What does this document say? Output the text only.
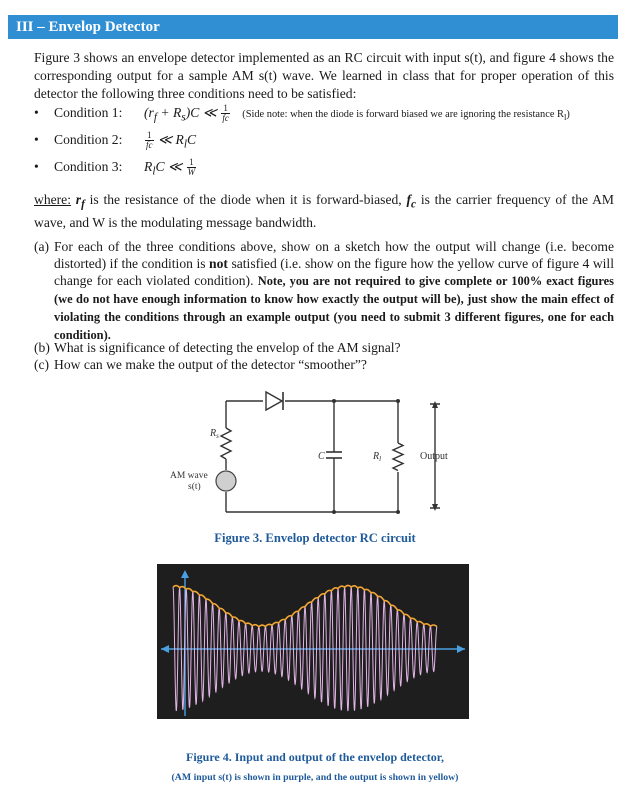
III – Envelop Detector
Figure 3 shows an envelope detector implemented as an RC circuit with input s(t), and figure 4 shows the corresponding output for a sample AM s(t) wave. We learned in class that for proper operation of this detector the following three conditions need to be satisfied:
• Condition 1: $(r_f + R_s)C$ ≪ $\frac{1}{fc}$ (Side note: when the diode is forward biased we are ignoring the resistance $R_l$)
• Condition 2:	$\frac{1}{fc}$ ≪ $R_lC$
• Condition 3: $R_lC$ ≪ $\frac{1}{W}$
where: $r_f$ is the resistance of the diode when it is forward-biased, $f_c$ is the carrier frequency of the AM wave, and W is the modulating message bandwidth.
(a) For each of the three conditions above, show on a sketch how the output will change (i.e. become distorted) if the condition is not satisfied (i.e. show on the figure how the yellow curve of figure 4 will change for each violated condition). Note, you are not required to give complete or 100% exact figures (we do not have enough information to know how exactly the output will be), just show the main effect of violating the conditions through an example output (you need to submit 3 different figures, one for each condition).
(b) What is significance of detecting the envelop of the AM signal?
(c) How can we make the output of the detector “smoother”?
$R_s$
AM wave
s(t)
C	$R_l$	Output
Figure 3. Envelop detector RC circuit
Figure 4. Input and output of the envelop detector,
(AM input s(t) is shown in purple, and the output is shown in yellow)
